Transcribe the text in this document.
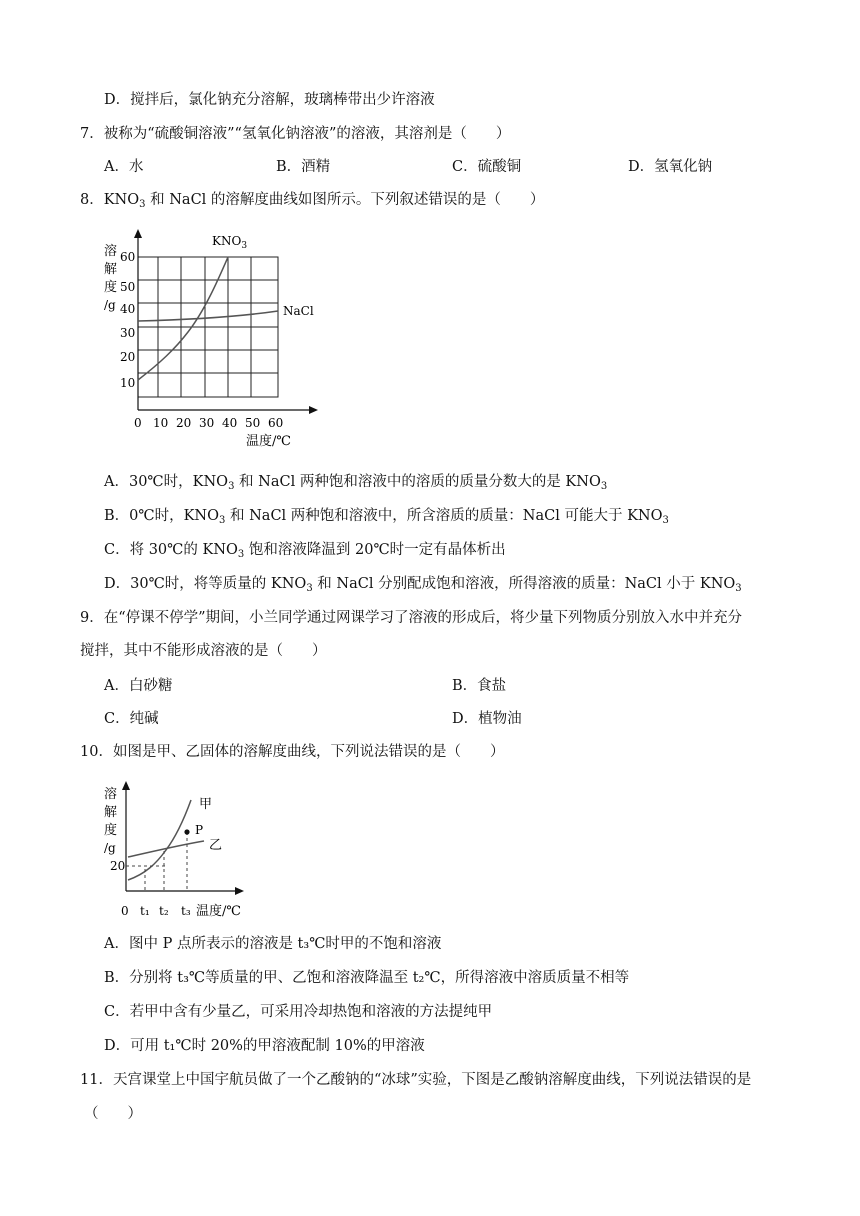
D．搅拌后，氯化钠充分溶解，玻璃棒带出少许溶液
7．被称为“硫酸铜溶液”“氢氧化钠溶液”的溶液，其溶剂是（　　）
A．水	B．酒精	C．硫酸铜	D．氢氧化钠
8．$KNO_3$ 和 NaCl 的溶解度曲线如图所示。下列叙述错误的是（　　）
溶
解
度
/g
10
20
30
40
50
60
0 10 20 30 40 50 60
温度/℃
$KNO_3$
NaCl
A．30℃时，$KNO_3$ 和 NaCl 两种饱和溶液中的溶质的质量分数大的是 $KNO_3$
B．0℃时，$KNO_3$ 和 NaCl 两种饱和溶液中，所含溶质的质量：NaCl 可能大于 $KNO_3$
C．将 30℃的 $KNO_3$ 饱和溶液降温到 20℃时一定有晶体析出
D．30℃时，将等质量的 $KNO_3$ 和 NaCl 分别配成饱和溶液，所得溶液的质量：NaCl 小于 $KNO_3$
9．在“停课不停学”期间，小兰同学通过网课学习了溶液的形成后，将少量下列物质分别放入水中并充分
搅拌，其中不能形成溶液的是（　　）
A．白砂糖	B．食盐
C．纯碱	D．植物油
10．如图是甲、乙固体的溶解度曲线，下列说法错误的是（　　）
P
甲
乙
溶
解
度
/g
20
0 t₁ t₂ t₃ 温度/℃
A．图中 P 点所表示的溶液是 t₃℃时甲的不饱和溶液
B．分别将 t₃℃等质量的甲、乙饱和溶液降温至 t₂℃，所得溶液中溶质质量不相等
C．若甲中含有少量乙，可采用冷却热饱和溶液的方法提纯甲
D．可用 t₁℃时 20%的甲溶液配制 10%的甲溶液
11．天宫课堂上中国宇航员做了一个乙酸钠的“冰球”实验，下图是乙酸钠溶解度曲线，下列说法错误的是
（　　）
